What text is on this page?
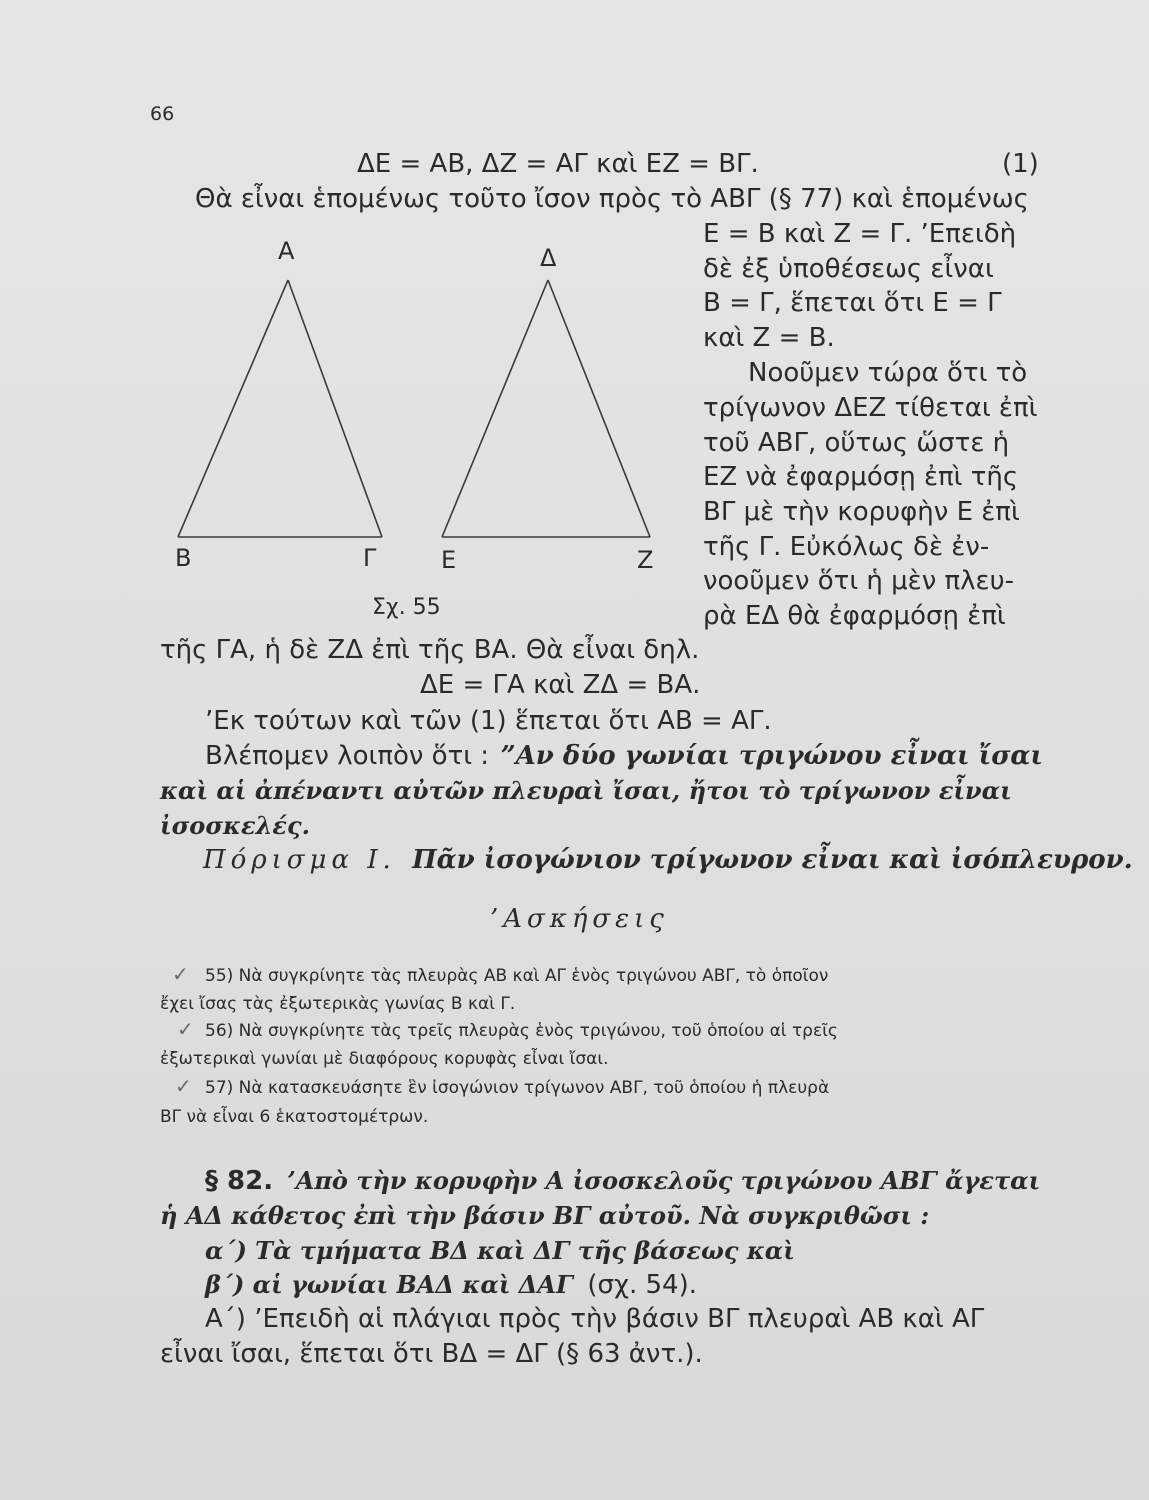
66
ΔΕ = ΑΒ, ΔΖ = ΑΓ καὶ ΕΖ = ΒΓ.	(1)
Θὰ εἶναι ἑπομένως τοῦτο ἴσον πρὸς τὸ ΑΒΓ (§ 77) καὶ ἑπομένως
Ε = Β καὶ Ζ = Γ. ’Επειδὴ
δὲ ἐξ ὑποθέσεως εἶναι
Β = Γ, ἕπεται ὅτι Ε = Γ
καὶ Ζ = Β.
Νοοῦμεν τώρα ὅτι τὸ
τρίγωνον ΔΕΖ τίθεται ἐπὶ
τοῦ ΑΒΓ, οὕτως ὥστε ἡ
ΕΖ νὰ ἐφαρμόσῃ ἐπὶ τῆς
ΒΓ μὲ τὴν κορυφὴν Ε ἐπὶ
τῆς Γ. Εὐκόλως δὲ ἐν-
νοοῦμεν ὅτι ἡ μὲν πλευ-
ρὰ ΕΔ θὰ ἐφαρμόσῃ ἐπὶ
Α
Β	Γ
Δ
Ε	Ζ
Σχ. 55
τῆς ΓΑ, ἡ δὲ ΖΔ ἐπὶ τῆς ΒΑ. Θὰ εἶναι δηλ.
ΔΕ = ΓΑ καὶ ΖΔ = ΒΑ.
’Εκ τούτων καὶ τῶν (1) ἕπεται ὅτι ΑΒ = ΑΓ.
Βλέπομεν λοιπὸν ὅτι : ”Αν δύο γωνίαι τριγώνου εἶναι ἴσαι
καὶ αἱ ἀπέναντι αὐτῶν πλευραὶ ἴσαι, ἤτοι τὸ τρίγωνον εἶναι
ἰσοσκελές.
Πόρισμα Ι. Πᾶν ἰσογώνιον τρίγωνον εἶναι καὶ ἰσόπλευρον.
’Ασκήσεις
✓ 55) Νὰ συγκρίνητε τὰς πλευρὰς ΑΒ καὶ ΑΓ ἑνὸς τριγώνου ΑΒΓ, τὸ ὁποῖον
ἔχει ἴσας τὰς ἐξωτερικὰς γωνίας Β καὶ Γ.
✓ 56) Νὰ συγκρίνητε τὰς τρεῖς πλευρὰς ἑνὸς τριγώνου, τοῦ ὁποίου αἱ τρεῖς
ἐξωτερικαὶ γωνίαι μὲ διαφόρους κορυφὰς εἶναι ἴσαι.
✓ 57) Νὰ κατασκευάσητε ἓν ἰσογώνιον τρίγωνον ΑΒΓ, τοῦ ὁποίου ἡ πλευρὰ
ΒΓ νὰ εἶναι 6 ἑκατοστομέτρων.
§ 82. ’Απὸ τὴν κορυφὴν Α ἰσοσκελοῦς τριγώνου ΑΒΓ ἄγεται
ἡ ΑΔ κάθετος ἐπὶ τὴν βάσιν ΒΓ αὐτοῦ. Νὰ συγκριθῶσι :
α΄) Τὰ τμήματα ΒΔ καὶ ΔΓ τῆς βάσεως καὶ
β΄) αἱ γωνίαι ΒΑΔ καὶ ΔΑΓ (σχ. 54).
Α΄) ’Επειδὴ αἱ πλάγιαι πρὸς τὴν βάσιν ΒΓ πλευραὶ ΑΒ καὶ ΑΓ
εἶναι ἴσαι, ἕπεται ὅτι ΒΔ = ΔΓ (§ 63 ἀντ.).
